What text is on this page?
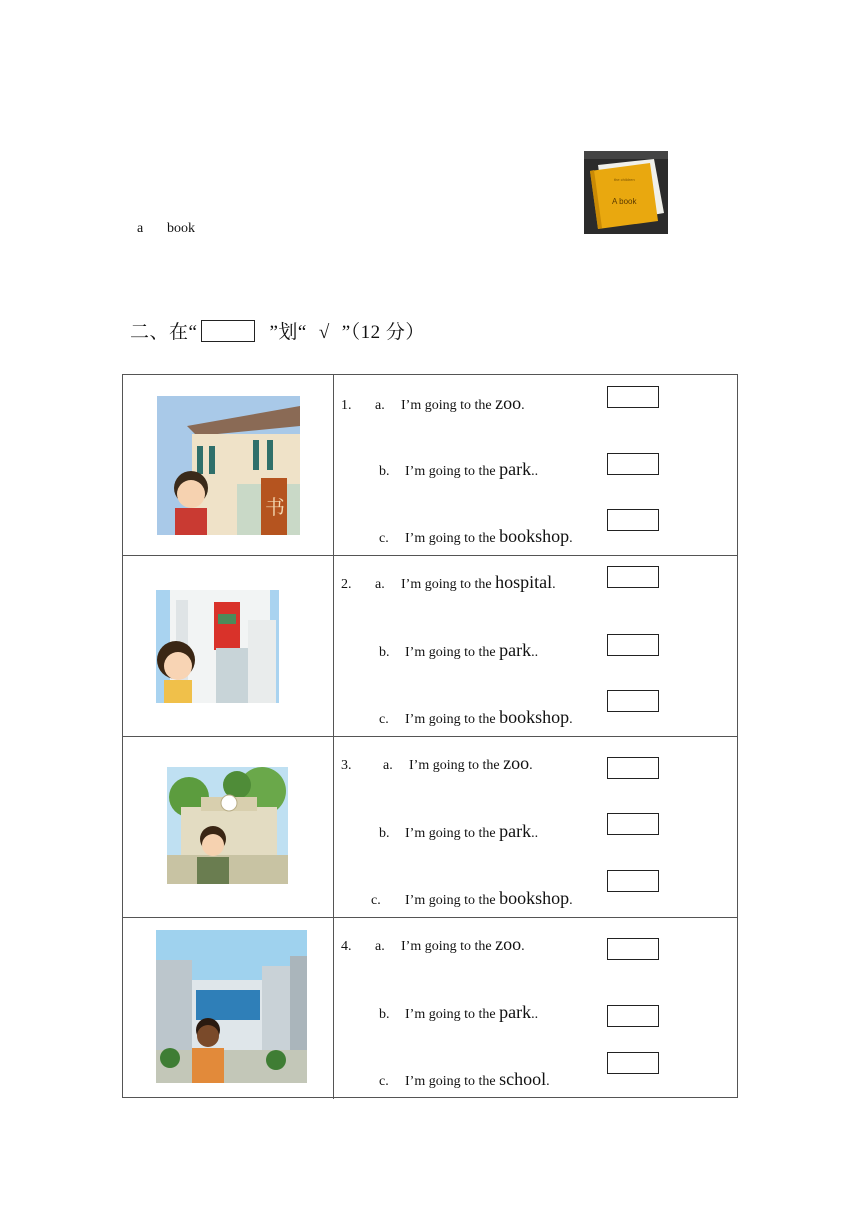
a book
the children
A book
二、在“	”划“ √ ”（12 分）
书
1. a. I’m going to the zoo.
b. I’m going to the park..
c. I’m going to the bookshop.
2. a. I’m going to the hospital.
b. I’m going to the park..
c. I’m going to the bookshop.
3. a. I’m going to the zoo.
b. I’m going to the park..
c. I’m going to the bookshop.
4. a. I’m going to the zoo.
b. I’m going to the park..
c. I’m going to the school.
